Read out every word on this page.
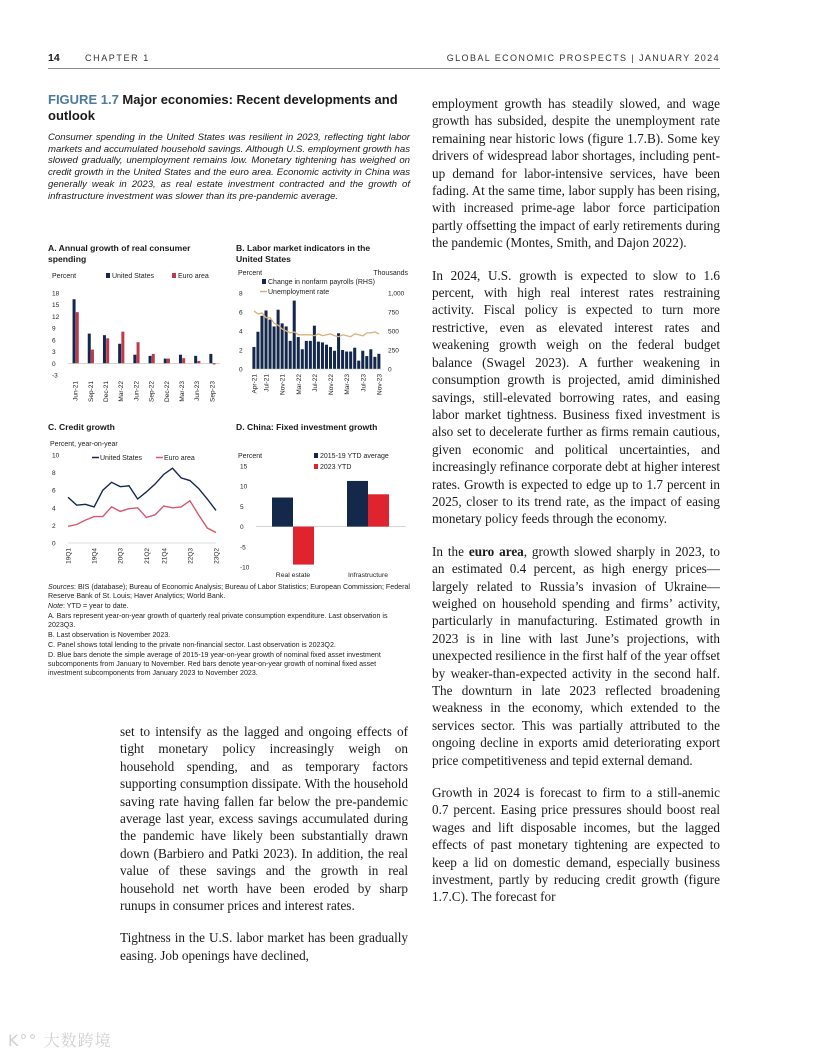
14	CHAPTER 1	GLOBAL ECONOMIC PROSPECTS | JANUARY 2024

FIGURE 1.7 Major economies: Recent developments and outlook

Consumer spending in the United States was resilient in 2023, reflecting tight labor markets and accumulated household savings. Although U.S. employment growth has slowed gradually, unemployment remains low. Monetary tightening has weighed on credit growth in the United States and the euro area. Economic activity in China was generally weak in 2023, as real estate investment contracted and the growth of infrastructure investment was slower than its pre-pandemic average.

A. Annual growth of real consumer spending
Percent	United States	Euro area
18
15
12
9
6
3
0
-3
Jun-21 Sep-21 Dec-21 Mar-22 Jun-22 Sep-22 Dec-22 Mar-23 Jun-23 Sep-23
B. Labor market indicators in the United States
Percent	Thousands
Change in nonfarm payrolls (RHS)
Unemployment rate
0
2
4
6
8
0
250
500
750
1,000
Apr-21 Jul-21 Nov-21 Mar-22 Jul-22 Nov-22 Mar-23 Jul-23 Nov-23
C. Credit growth
Percent, year-on-year
United States	Euro area
0
2
4
6
8
10
19Q1	19Q4	20Q3	21Q2 21Q4	22Q3	23Q2
D. China: Fixed investment growth
Percent	2015-19 YTD average
2023 YTD
15
10
5
0
-5
-10
Real estate	Infrastructure

Sources: BIS (database); Bureau of Economic Analysis; Bureau of Labor Statistics; European Commission; Federal Reserve Bank of St. Louis; Haver Analytics; World Bank.

Note: YTD = year to date.

A. Bars represent year-on-year growth of quarterly real private consumption expenditure. Last observation is 2023Q3.

B. Last observation is November 2023.

C. Panel shows total lending to the private non-financial sector. Last observation is 2023Q2.

D. Blue bars denote the simple average of 2015-19 year-on-year growth of nominal fixed asset investment subcomponents from January to November. Red bars denote year-on-year growth of nominal fixed asset investment subcomponents from January 2023 to November 2023.

set to intensify as the lagged and ongoing effects of tight monetary policy increasingly weigh on household spending, and as temporary factors supporting consumption dissipate. With the household saving rate having fallen far below the pre-pandemic average last year, excess savings accumulated during the pandemic have likely been substantially drawn down (Barbiero and Patki 2023). In addition, the real value of these savings and the growth in real household net worth have been eroded by sharp runups in consumer prices and interest rates.

Tightness in the U.S. labor market has been gradually easing. Job openings have declined,

employment growth has steadily slowed, and wage growth has subsided, despite the unemployment rate remaining near historic lows (figure 1.7.B). Some key drivers of widespread labor shortages, including pent-up demand for labor-intensive services, have been fading. At the same time, labor supply has been rising, with increased prime-age labor force participation partly offsetting the impact of early retirements during the pandemic (Montes, Smith, and Dajon 2022).

In 2024, U.S. growth is expected to slow to 1.6 percent, with high real interest rates restraining activity. Fiscal policy is expected to turn more restrictive, even as elevated interest rates and weakening growth weigh on the federal budget balance (Swagel 2023). A further weakening in consumption growth is projected, amid diminished savings, still-elevated borrowing rates, and easing labor market tightness. Business fixed investment is also set to decelerate further as firms remain cautious, given economic and political uncertainties, and increasingly refinance corporate debt at higher interest rates. Growth is expected to edge up to 1.7 percent in 2025, closer to its trend rate, as the impact of easing monetary policy feeds through the economy.

In the euro area, growth slowed sharply in 2023, to an estimated 0.4 percent, as high energy prices—largely related to Russia’s invasion of Ukraine—weighed on household spending and firms’ activity, particularly in manufacturing. Estimated growth in 2023 is in line with last June’s projections, with unexpected resilience in the first half of the year offset by weaker-than-expected activity in the second half. The downturn in late 2023 reflected broadening weakness in the economy, which extended to the services sector. This was partially attributed to the ongoing decline in exports amid deteriorating export price competitiveness and tepid external demand.

Growth in 2024 is forecast to firm to a still-anemic 0.7 percent. Easing price pressures should boost real wages and lift disposable incomes, but the lagged effects of past monetary tightening are expected to keep a lid on domestic demand, especially business investment, partly by reducing credit growth (figure 1.7.C). The forecast for

K°° 大数跨境
